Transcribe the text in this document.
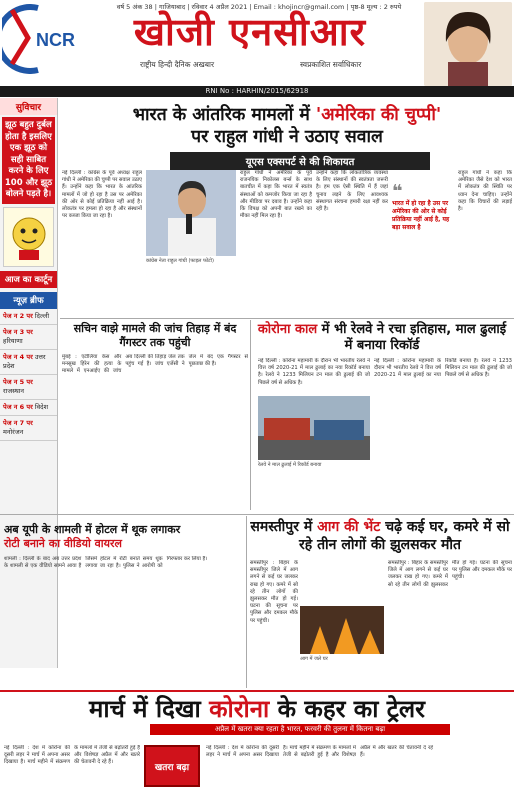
NCR
वर्ष 5 अंक 38 | गाजियाबाद | रविवार 4 अप्रैल 2021 | Email : khojincr@gmail.com | पृष्ठ-8 मूल्य : 2 रुपये
खोजी एनसीआर
राष्ट्रीय हिन्दी दैनिक अखबार	स्वप्रकाशित सर्वाधिकार
RNI No : HARHIN/2015/62918
सुविचार
झूठ बहुत दुर्बल होता है इसलिए एक झूठ को सही साबित करने के लिए 100 और झूठ बोलने पड़ते है।
आज का कार्टून
न्यूज़ ब्रीफ
पेज न 2 पर दिल्ली
पेज न 3 पर हरियाणा
पेज न 4 पर उत्तर प्रदेश
पेज न 5 पर राजस्थान
पेज न 6 पर विदेश
पेज न 7 पर मनोरंजन
भारत के आंतरिक मामलों में 'अमेरिका की चुप्पी'
पर राहुल गांधी ने उठाए सवाल
यूएस एक्सपर्ट से की शिकायत
नई दिल्ली : कांग्रेस के पूर्व अध्यक्ष राहुल गांधी ने अमेरिका की चुप्पी पर सवाल उठाए हैं। उन्होंने कहा कि भारत के आंतरिक मामलों में जो हो रहा है उस पर अमेरिका की ओर से कोई प्रतिक्रिया नहीं आई है। लोकतंत्र पर हमला हो रहा है और संस्थानों पर कब्जा किया जा रहा है।
कांग्रेस नेता राहुल गांधी (फाइल फोटो)
राहुल गांधी ने अमेरिका के पूर्व राजनयिक निकोलस बर्न्स के साथ बातचीत में कहा कि भारत में स्वतंत्र संस्थाओं को कमजोर किया जा रहा है और मीडिया पर दबाव है। उन्होंने कहा कि विपक्ष को अपनी बात रखने का मौका नहीं मिल रहा है।
उन्होंने कहा कि लोकतांत्रिक व्यवस्था के लिए संस्थानों की स्वतंत्रता जरूरी है। हम एक ऐसी स्थिति में हैं जहां चुनाव लड़ने के लिए आवश्यक संस्थागत संरचना हमारी रक्षा नहीं कर रही है।
❝
भारत में हो रहा है उस पर अमेरिका की ओर से कोई प्रतिक्रिया नहीं आई है, यह बड़ा सवाल है
राहुल गांधी ने कहा कि अमेरिका जैसे देश को भारत में लोकतंत्र की स्थिति पर ध्यान देना चाहिए। उन्होंने कहा कि विचारों की लड़ाई है।
सचिन वाझे मामले की जांच तिहाड़ में बंद गैंगस्टर तक पहुंची
मुंबई : एंटीलिया केस और मनसुख हिरेन की हत्या के मामले में एनआईए की जांच अब दिल्ली की तिहाड़ जेल तक पहुंच गई है। जांच एजेंसी ने जेल में बंद एक गैंगस्टर से पूछताछ की है।
कोरोना काल में भी रेलवे ने रचा इतिहास, माल ढुलाई में बनाया रिकॉर्ड
नई दिल्ली : कोरोना महामारी के दौरान भी भारतीय रेलवे ने वित्त वर्ष 2020-21 में माल ढुलाई का नया रिकॉर्ड बनाया है। रेलवे ने 1233 मिलियन टन माल की ढुलाई की जो पिछले वर्ष से अधिक है।
रेलवे ने माल ढुलाई में रिकॉर्ड बनाया
नई दिल्ली : कोरोना महामारी के दौरान भी भारतीय रेलवे ने वित्त वर्ष 2020-21 में माल ढुलाई का नया रिकॉर्ड बनाया है। रेलवे ने 1233 मिलियन टन माल की ढुलाई की जो पिछले वर्ष से अधिक है।
अब यूपी के शामली में होटल में थूक लगाकर
रोटी बनाने का वीडियो वायरल
शामली : दिल्ली के बाद अब उत्तर प्रदेश के शामली से एक वीडियो सामने आया है जिसमें होटल में रोटी बनाते समय थूक लगाया जा रहा है। पुलिस ने आरोपी को गिरफ्तार कर लिया है।
समस्तीपुर में आग की भेंट चढ़े कई घर, कमरे में सो रहे तीन लोगों की झुलसकर मौत
समस्तीपुर : बिहार के समस्तीपुर जिले में आग लगने से कई घर जलकर राख हो गए। कमरे में सो रहे तीन लोगों की झुलसकर मौत हो गई। घटना की सूचना पर पुलिस और दमकल मौके पर पहुंची।
आग में जले घर
समस्तीपुर : बिहार के समस्तीपुर जिले में आग लगने से कई घर जलकर राख हो गए। कमरे में सो रहे तीन लोगों की झुलसकर मौत हो गई। घटना की सूचना पर पुलिस और दमकल मौके पर पहुंची।
मार्च में दिखा कोरोना के कहर का ट्रेलर
अप्रैल में खतरा क्या रहता है भारत, फरवरी की तुलना में कितना बढ़ा
नई दिल्ली : देश में कोरोना की दूसरी लहर ने मार्च में अपना असर दिखाया है। मार्च महीने में संक्रमण के मामलों में तेजी से बढ़ोतरी हुई है और विशेषज्ञ अप्रैल में और खतरे की चेतावनी दे रहे हैं।
खतरा बढ़ा
नई दिल्ली : देश में कोरोना की दूसरी लहर ने मार्च में अपना असर दिखाया है। मार्च महीने में संक्रमण के मामलों में तेजी से बढ़ोतरी हुई है और विशेषज्ञ अप्रैल में और खतरे की चेतावनी दे रहे हैं।
